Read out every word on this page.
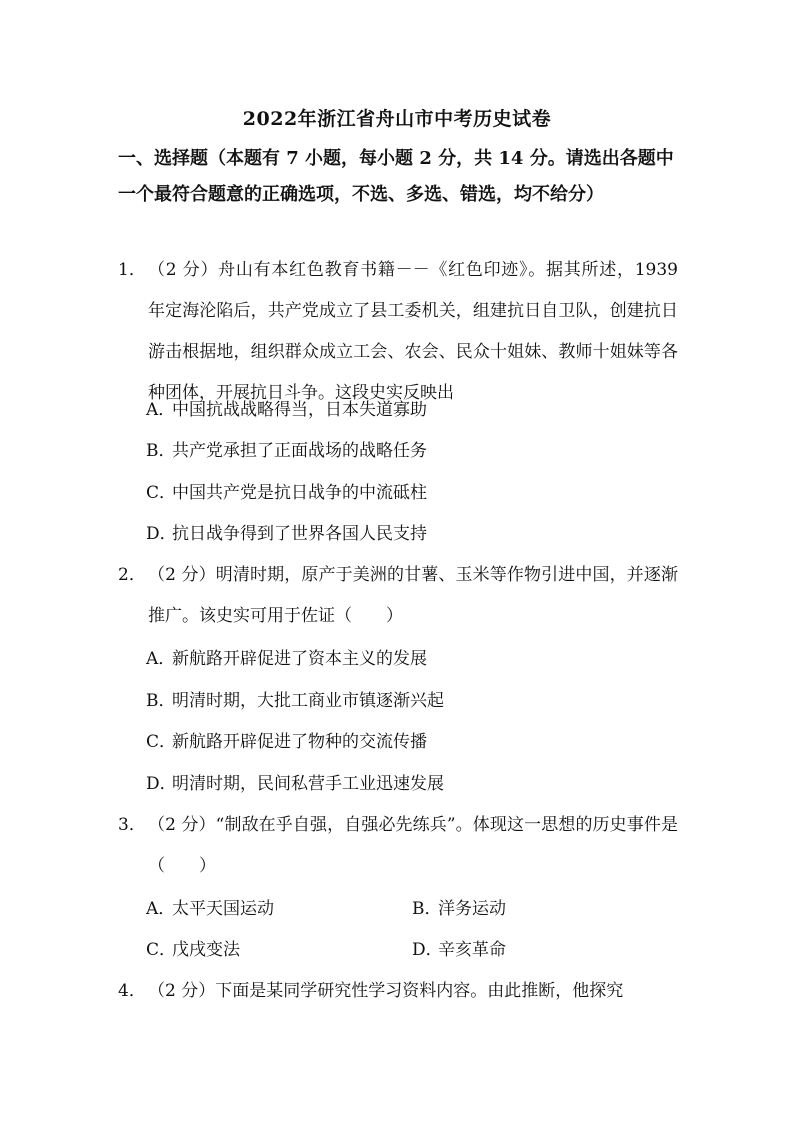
2022年浙江省舟山市中考历史试卷
一、选择题（本题有 7 小题，每小题 2 分，共 14 分。请选出各题中一个最符合题意的正确选项，不选、多选、错选，均不给分）
1． （2 分）舟山有本红色教育书籍－－《红色印迹》。据其所述，1939 年定海沦陷后，共产党成立了县工委机关，组建抗日自卫队，创建抗日游击根据地，组织群众成立工会、农会、民众十姐妹、教师十姐妹等各种团体，开展抗日斗争。这段史实反映出
A．中国抗战战略得当，日本失道寡助
B．共产党承担了正面战场的战略任务
C．中国共产党是抗日战争的中流砥柱
D．抗日战争得到了世界各国人民支持
2． （2 分）明清时期，原产于美洲的甘薯、玉米等作物引进中国，并逐渐推广。该史实可用于佐证（　　）
A．新航路开辟促进了资本主义的发展
B．明清时期，大批工商业市镇逐渐兴起
C．新航路开辟促进了物种的交流传播
D．明清时期，民间私营手工业迅速发展
3． （2 分）“制敌在乎自强，自强必先练兵”。体现这一思想的历史事件是（　　）
A．太平天国运动	B．洋务运动
C．戊戌变法	D．辛亥革命
4． （2 分）下面是某同学研究性学习资料内容。由此推断，他探究
